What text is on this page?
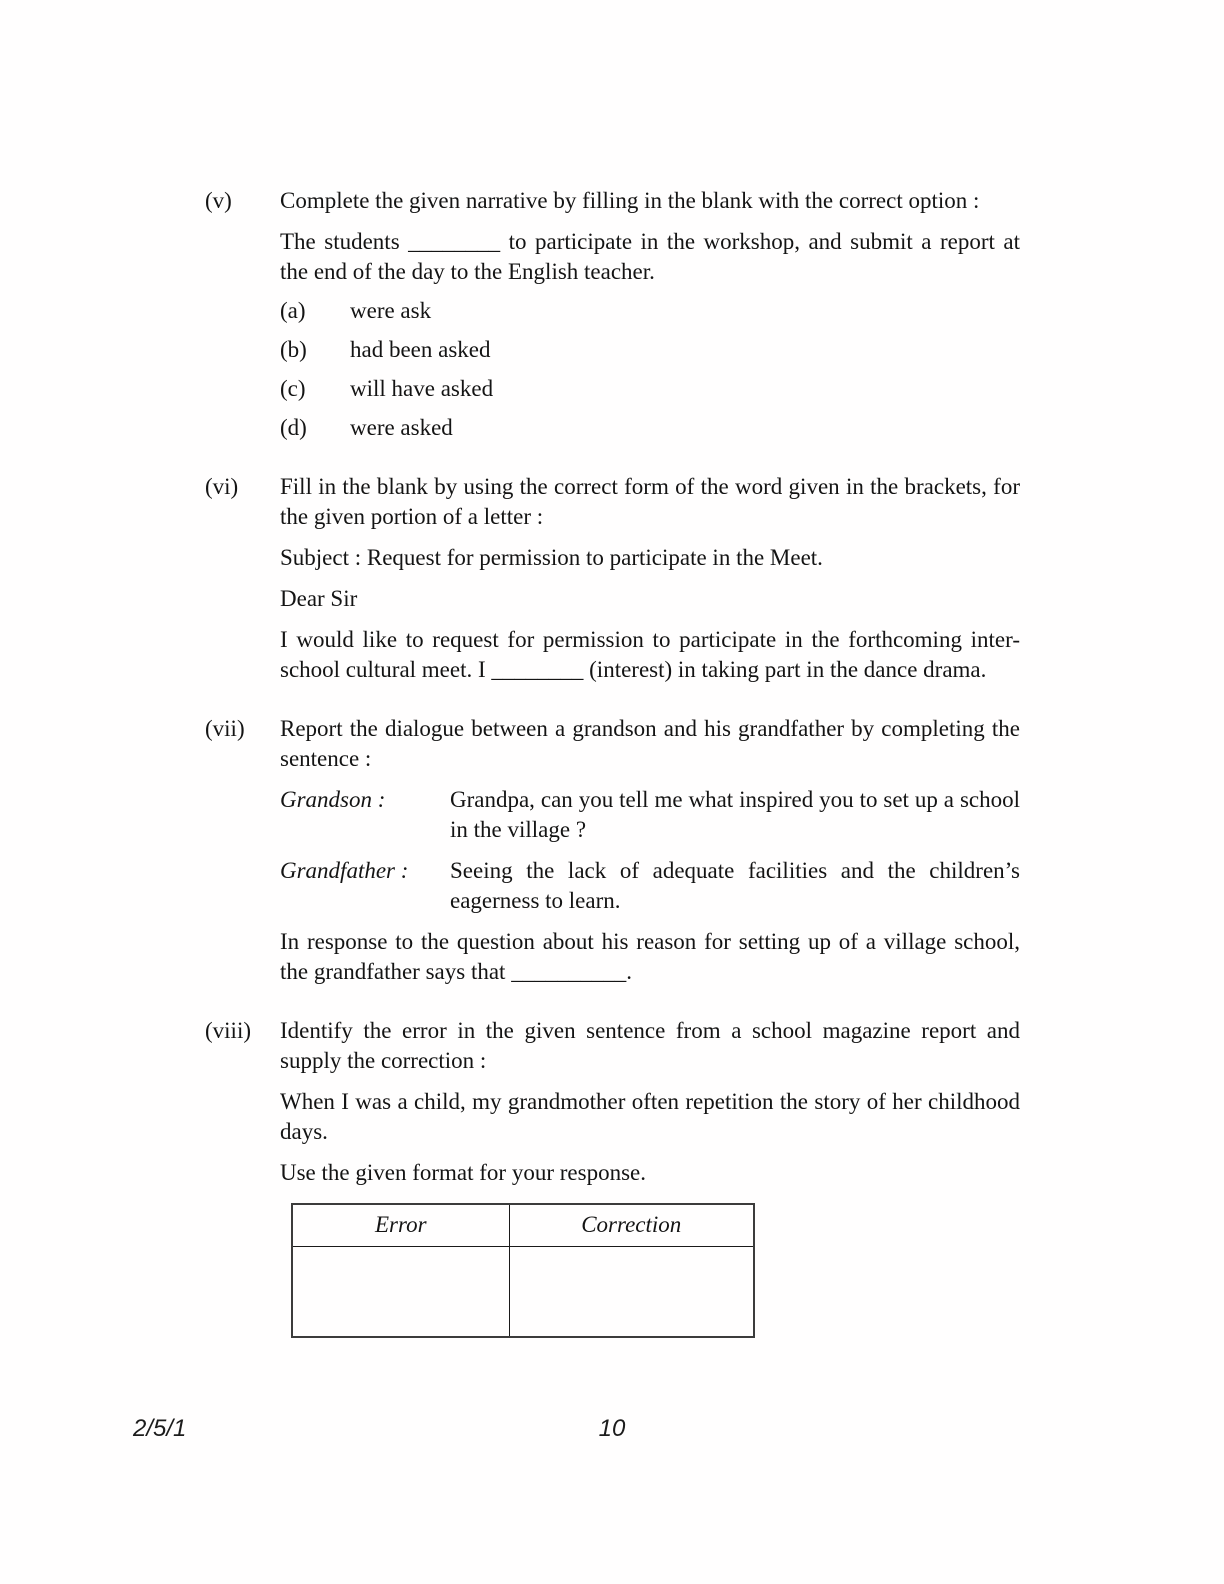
(v)	Complete the given narrative by filling in the blank with the correct option :

The students ________ to participate in the workshop, and submit a report at the end of the day to the English teacher.

(a)	were ask
(b)	had been asked
(c)	will have asked
(d)	were asked
(vi)	Fill in the blank by using the correct form of the word given in the brackets, for the given portion of a letter :

Subject : Request for permission to participate in the Meet.

Dear Sir

I would like to request for permission to participate in the forthcoming inter-school cultural meet. I ________ (interest) in taking part in the dance drama.

(vii)	Report the dialogue between a grandson and his grandfather by completing the sentence :

Grandson :	Grandpa, can you tell me what inspired you to set up a school in the village ?
Grandfather :	Seeing the lack of adequate facilities and the children’s eagerness to learn.

In response to the question about his reason for setting up of a village school, the grandfather says that __________.

(viii)	Identify the error in the given sentence from a school magazine report and supply the correction :

When I was a child, my grandmother often repetition the story of her childhood days.

Use the given format for your response.

Error	Correction

2/5/1	10
